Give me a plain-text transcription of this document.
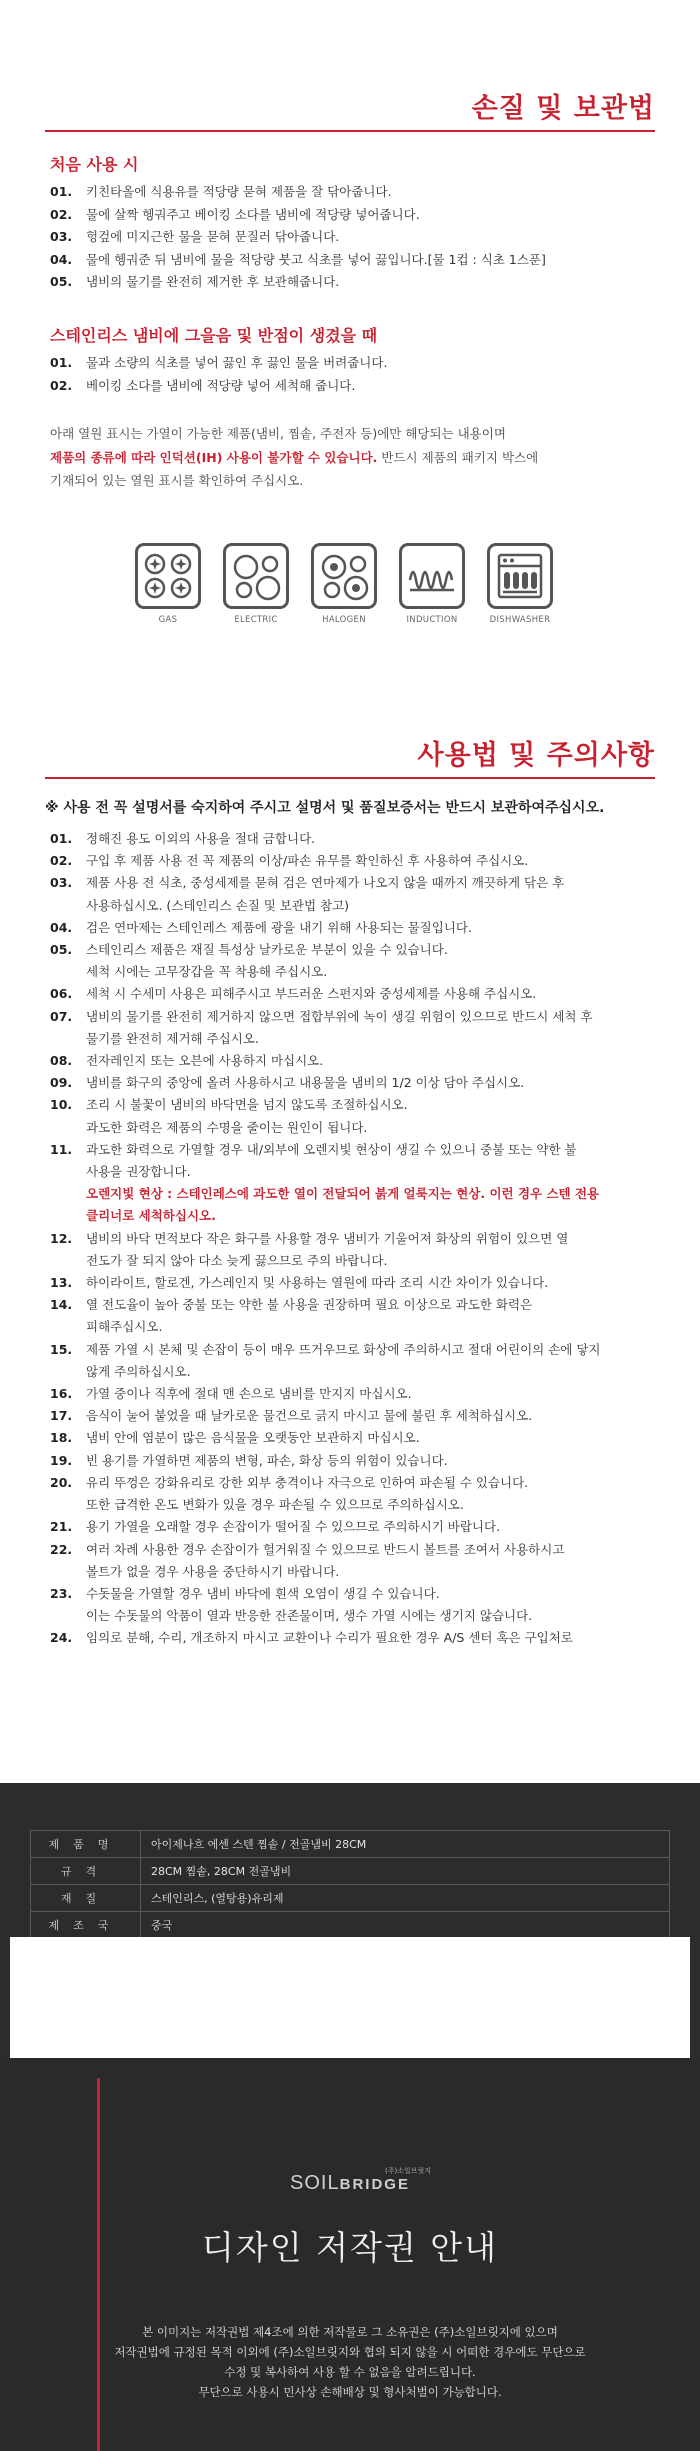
손질 및 보관법
처음 사용 시
01.	키친타올에 식용유를 적당량 묻혀 제품을 잘 닦아줍니다.
02.	물에 살짝 헹궈주고 베이킹 소다를 냄비에 적당량 넣어줍니다.
03.	헝겊에 미지근한 물을 묻혀 문질러 닦아줍니다.
04.	물에 헹궈준 뒤 냄비에 물을 적당량 붓고 식초를 넣어 끓입니다.[물 1컵 : 식초 1스푼]
05.	냄비의 물기를 완전히 제거한 후 보관해줍니다.
스테인리스 냄비에 그을음 및 반점이 생겼을 때
01.	물과 소량의 식초를 넣어 끓인 후 끓인 물을 버려줍니다.
02.	베이킹 소다를 냄비에 적당량 넣어 세척해 줍니다.
아래 열원 표시는 가열이 가능한 제품(냄비, 찜솥, 주전자 등)에만 해당되는 내용이며
제품의 종류에 따라 인덕션(IH) 사용이 불가할 수 있습니다. 반드시 제품의 패키지 박스에
기재되어 있는 열원 표시를 확인하여 주십시오.
GAS	ELECTRIC	HALOGEN	INDUCTION	DISHWASHER
사용법 및 주의사항
※ 사용 전 꼭 설명서를 숙지하여 주시고 설명서 및 품질보증서는 반드시 보관하여주십시오.
01.	정해진 용도 이외의 사용을 절대 금합니다.
02.	구입 후 제품 사용 전 꼭 제품의 이상/파손 유무를 확인하신 후 사용하여 주십시오.
03.	제품 사용 전 식초, 중성세제를 묻혀 검은 연마제가 나오지 않을 때까지 깨끗하게 닦은 후
사용하십시오. (스테인리스 손질 및 보관법 참고)
04.	검은 연마제는 스테인레스 제품에 광을 내기 위해 사용되는 물질입니다.
05.	스테인리스 제품은 재질 특성상 날카로운 부분이 있을 수 있습니다.
세척 시에는 고무장갑을 꼭 착용해 주십시오.
06.	세척 시 수세미 사용은 피해주시고 부드러운 스펀지와 중성세제를 사용해 주십시오.
07.	냄비의 물기를 완전히 제거하지 않으면 접합부위에 녹이 생길 위험이 있으므로 반드시 세척 후
물기를 완전히 제거해 주십시오.
08.	전자레인지 또는 오븐에 사용하지 마십시오.
09.	냄비를 화구의 중앙에 올려 사용하시고 내용물을 냄비의 1/2 이상 담아 주십시오.
10.	조리 시 불꽃이 냄비의 바닥면을 넘지 않도록 조절하십시오.
과도한 화력은 제품의 수명을 줄이는 원인이 됩니다.
11.	과도한 화력으로 가열할 경우 내/외부에 오렌지빛 현상이 생길 수 있으니 중불 또는 약한 불
사용을 권장합니다.
오렌지빛 현상 : 스테인레스에 과도한 열이 전달되어 붉게 얼룩지는 현상. 이런 경우 스텐 전용
클리너로 세척하십시오.
12.	냄비의 바닥 면적보다 작은 화구를 사용할 경우 냄비가 기울어져 화상의 위험이 있으면 열
전도가 잘 되지 않아 다소 늦게 끓으므로 주의 바랍니다.
13.	하이라이트, 할로겐, 가스레인지 및 사용하는 열원에 따라 조리 시간 차이가 있습니다.
14.	열 전도율이 높아 중불 또는 약한 불 사용을 권장하며 필요 이상으로 과도한 화력은
피해주십시오.
15.	제품 가열 시 본체 및 손잡이 등이 매우 뜨거우므로 화상에 주의하시고 절대 어린이의 손에 닿지
않게 주의하십시오.
16.	가열 중이나 직후에 절대 맨 손으로 냄비를 만지지 마십시오.
17.	음식이 눌어 붙었을 때 날카로운 물건으로 긁지 마시고 물에 불린 후 세척하십시오.
18.	냄비 안에 염분이 많은 음식물을 오랫동안 보관하지 마십시오.
19.	빈 용기를 가열하면 제품의 변형, 파손, 화상 등의 위험이 있습니다.
20.	유리 뚜껑은 강화유리로 강한 외부 충격이나 자극으로 인하여 파손될 수 있습니다.
또한 급격한 온도 변화가 있을 경우 파손될 수 있으므로 주의하십시오.
21.	용기 가열을 오래할 경우 손잡이가 떨어질 수 있으므로 주의하시기 바랍니다.
22.	여러 차례 사용한 경우 손잡이가 헐거워질 수 있으므로 반드시 볼트를 조여서 사용하시고
볼트가 없을 경우 사용을 중단하시기 바랍니다.
23.	수돗물을 가열할 경우 냄비 바닥에 흰색 오염이 생길 수 있습니다.
이는 수돗물의 악품이 열과 반응한 잔존물이며, 생수 가열 시에는 생기지 않습니다.
24.	임의로 분해, 수리, 개조하지 마시고 교환이나 수리가 필요한 경우 A/S 센터 혹은 구입처로
제품명	아이제나흐 에센 스텐 찜솥 / 전골냄비 28CM
규격	28CM 찜솥, 28CM 전골냄비
재질	스테인리스, (열탕용)유리제
제조국	중국
SOILBRIDGE
(주)소일브릿지
디자인 저작권 안내
본 이미지는 저작권법 제4조에 의한 저작물로 그 소유권은 (주)소일브릿지에 있으며
저작권법에 규정된 목적 이외에 (주)소일브릿지와 협의 되지 않을 시 어떠한 경우에도 무단으로
수정 및 복사하여 사용 할 수 없음을 알려드립니다.
무단으로 사용시 민사상 손해배상 및 형사처벌이 가능합니다.
